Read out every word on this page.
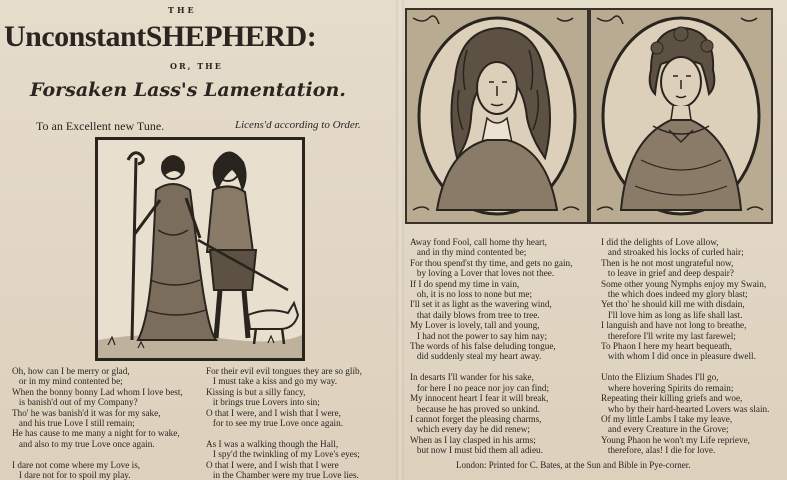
THE
UnconstantSHEPHERD:
OR, THE
Forsaken Lass's Lamentation.
To an Excellent new Tune.	Licens'd according to Order.
Oh, how can I be merry or glad,
or in my mind contented be;
When the bonny bonny Lad whom I love best,
is banish'd out of my Company?
Tho' he was banish'd it was for my sake,
and his true Love I still remain;
He has cause to me many a night for to wake,
and also to my true Love once again.

I dare not come where my Love is,
I dare not for to spoil my play.
For their evil evil tongues they are so glib,
I must take a kiss and go my way.
Kissing is but a silly fancy,
it brings true Lovers into sin;
O that I were, and I wish that I were,
for to see my true Love once again.

As I was a walking though the Hall,
I spy'd the twinkling of my Love's eyes;
O that I were, and I wish that I were
in the Chamber were my true Love lies.
Away fond Fool, call home thy heart,
and in thy mind contented be;
For thou spend'st thy time, and gets no gain,
by loving a Lover that loves not thee.
If I do spend my time in vain,
oh, it is no loss to none but me;
I'll set it as light as the wavering wind,
that daily blows from tree to tree.
My Lover is lovely, tall and young,
I had not the power to say him nay;
The words of his false deluding tongue,
did suddenly steal my heart away.

In desarts I'll wander for his sake,
for here I no peace nor joy can find;
My innocent heart I fear it will break,
because he has proved so unkind.
I cannot forget the pleasing charms,
which every day he did renew;
When as I lay clasped in his arms;
but now I must bid them all adieu.
I did the delights of Love allow,
and stroaked his locks of curled hair;
Then is he not most ungrateful now,
to leave in grief and deep despair?
Some other young Nymphs enjoy my Swain,
the which does indeed my glory blast;
Yet tho' he should kill me with disdain,
I'll love him as long as life shall last.
I languish and have not long to breathe,
therefore I'll write my last farewel;
To Phaon I here my heart bequeath,
with whom I did once in pleasure dwell.

Unto the Elizium Shades I'll go,
where hovering Spirits do remain;
Repeating their killing griefs and woe,
who by their hard-hearted Lovers was slain.
Of my little Lambs I take my leave,
and every Creature in the Grove;
Young Phaon he won't my Life reprieve,
therefore, alas! I die for love.
London: Printed for C. Bates, at the Sun and Bible in Pye-corner.
